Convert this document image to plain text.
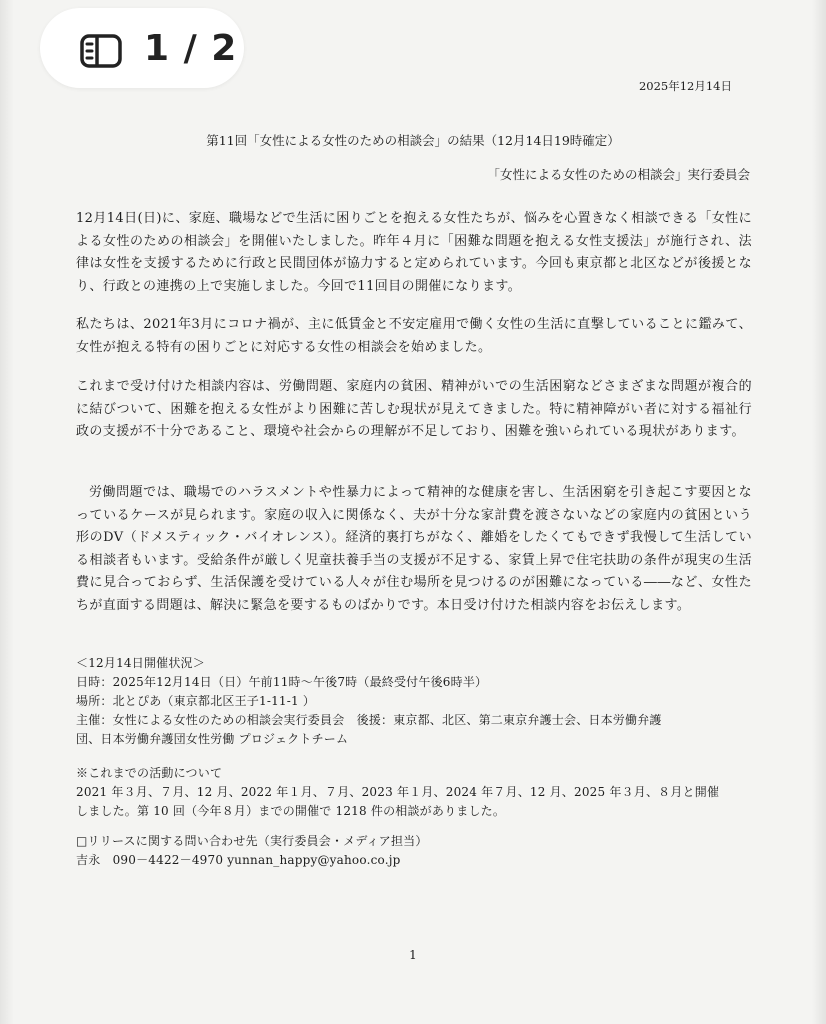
2025年12月14日
第11回「女性による女性のための相談会」の結果（12月14日19時確定）
「女性による女性のための相談会」実行委員会
12月14日(日)に、家庭、職場などで生活に困りごとを抱える女性たちが、悩みを心置きなく相談できる「女性による女性のための相談会」を開催いたしました。昨年４月に「困難な問題を抱える女性支援法」が施行され、法律は女性を支援するために行政と民間団体が協力すると定められています。今回も東京都と北区などが後援となり、行政との連携の上で実施しました。今回で11回目の開催になります。
私たちは、2021年3月にコロナ禍が、主に低賃金と不安定雇用で働く女性の生活に直撃していることに鑑みて、女性が抱える特有の困りごとに対応する女性の相談会を始めました。
これまで受け付けた相談内容は、労働問題、家庭内の貧困、精神がいでの生活困窮などさまざまな問題が複合的に結びついて、困難を抱える女性がより困難に苦しむ現状が見えてきました。特に精神障がい者に対する福祉行政の支援が不十分であること、環境や社会からの理解が不足しており、困難を強いられている現状があります。
労働問題では、職場でのハラスメントや性暴力によって精神的な健康を害し、生活困窮を引き起こす要因となっているケースが見られます。家庭の収入に関係なく、夫が十分な家計費を渡さないなどの家庭内の貧困という形のDV（ドメスティック・バイオレンス）。経済的裏打ちがなく、離婚をしたくてもできず我慢して生活している相談者もいます。受給条件が厳しく児童扶養手当の支援が不足する、家賃上昇で住宅扶助の条件が現実の生活費に見合っておらず、生活保護を受けている人々が住む場所を見つけるのが困難になっている――など、女性たちが直面する問題は、解決に緊急を要するものばかりです。本日受け付けた相談内容をお伝えします。
＜12月14日開催状況＞
日時：2025年12月14日（日）午前11時～午後7時（最終受付午後6時半）
場所：北とぴあ（東京都北区王子1-11-1 ）
主催：女性による女性のための相談会実行委員会　後援：東京都、北区、第二東京弁護士会、日本労働弁護
団、日本労働弁護団女性労働 プロジェクトチーム
※これまでの活動について
2021 年３月、７月、12 月、2022 年１月、７月、2023 年１月、2024 年７月、12 月、2025 年３月、８月と開催
しました。第 10 回（今年８月）までの開催で 1218 件の相談がありました。
□リリースに関する問い合わせ先（実行委員会・メディア担当）
吉永　090－4422－4970 yunnan_happy@yahoo.co.jp
1
1 / 2
